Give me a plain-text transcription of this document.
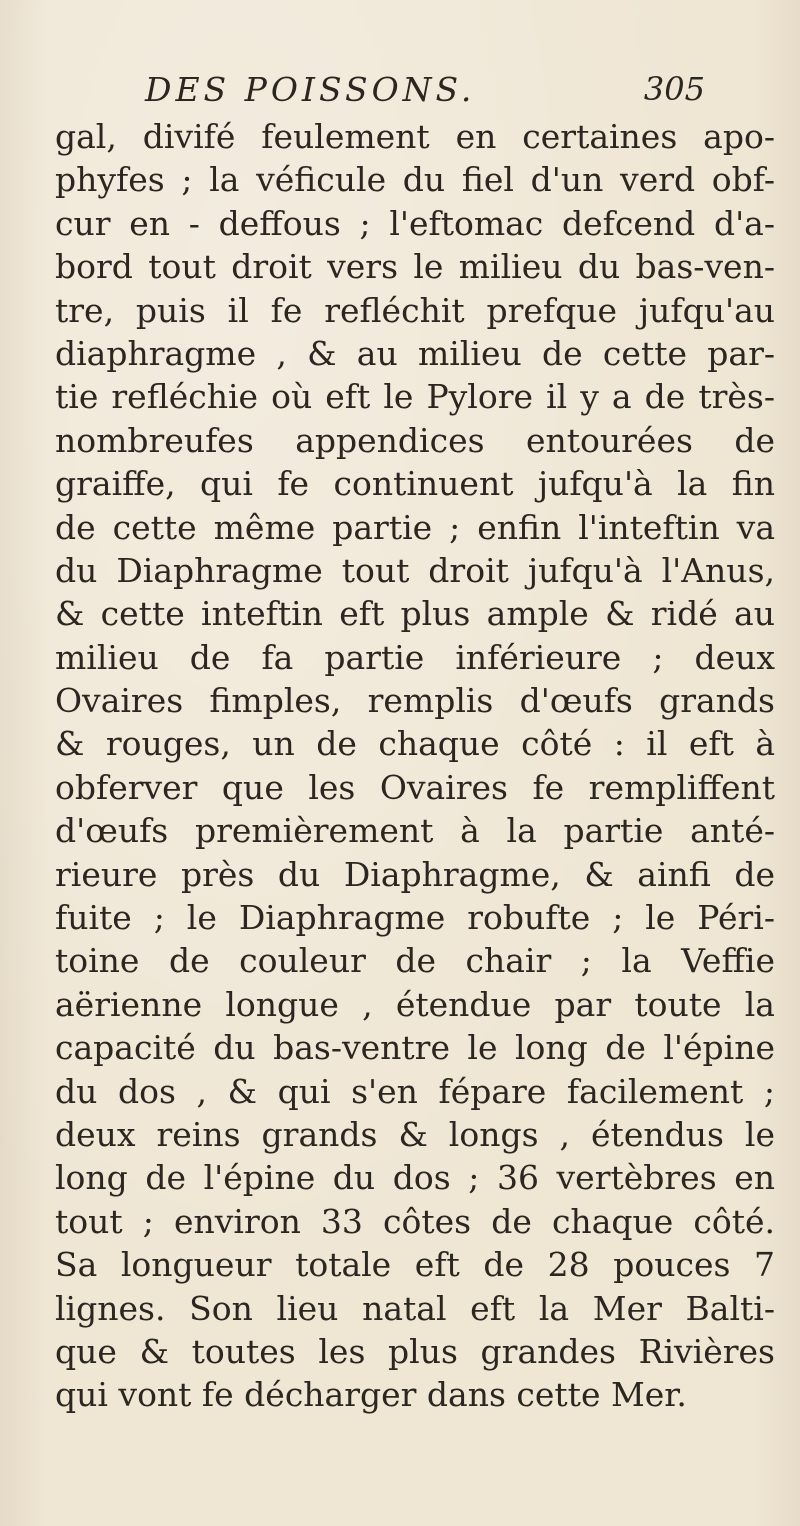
DES POISSONS.	305
gal, divifé feulement en certaines apo-
phyfes ; la véficule du fiel d'un verd obf-
cur en - deffous ; l'eftomac defcend d'a-
bord tout droit vers le milieu du bas-ven-
tre, puis il fe refléchit prefque jufqu'au
diaphragme , & au milieu de cette par-
tie refléchie où eft le Pylore il y a de très-
nombreufes appendices entourées de
graiffe, qui fe continuent jufqu'à la fin
de cette même partie ; enfin l'inteftin va
du Diaphragme tout droit jufqu'à l'Anus,
& cette inteftin eft plus ample & ridé au
milieu de fa partie inférieure ; deux
Ovaires fimples, remplis d'œufs grands
& rouges, un de chaque côté : il eft à
obferver que les Ovaires fe rempliffent
d'œufs premièrement à la partie anté-
rieure près du Diaphragme, & ainfi de
fuite ; le Diaphragme robufte ; le Péri-
toine de couleur de chair ; la Veffie
aërienne longue , étendue par toute la
capacité du bas-ventre le long de l'épine
du dos , & qui s'en fépare facilement ;
deux reins grands & longs , étendus le
long de l'épine du dos ; 36 vertèbres en
tout ; environ 33 côtes de chaque côté.
Sa longueur totale eft de 28 pouces 7
lignes. Son lieu natal eft la Mer Balti-
que & toutes les plus grandes Rivières
qui vont fe décharger dans cette Mer.
